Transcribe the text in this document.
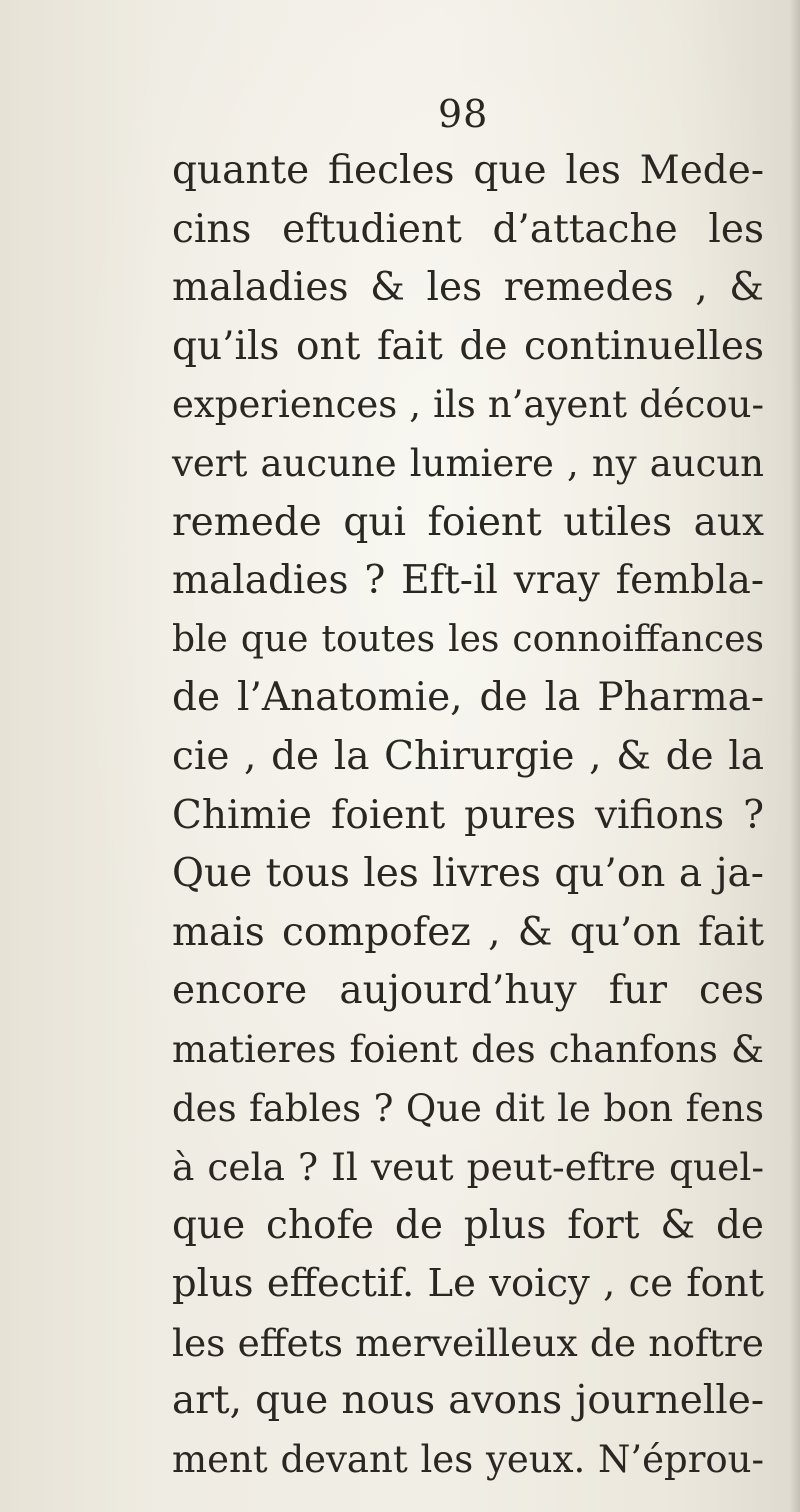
98
quante fiecles que les Mede-
cins eftudient d’attache les
maladies & les remedes , &
qu’ils ont fait de continuelles
experiences , ils n’ayent décou-
vert aucune lumiere , ny aucun
remede qui foient utiles aux
maladies ? Eft-il vray fembla-
ble que toutes les connoiffances
de l’Anatomie, de la Pharma-
cie , de la Chirurgie , & de la
Chimie foient pures vifions ?
Que tous les livres qu’on a ja-
mais compofez , & qu’on fait
encore aujourd’huy fur ces
matieres foient des chanfons &
des fables ? Que dit le bon fens
à cela ? Il veut peut-eftre quel-
que chofe de plus fort & de
plus effectif. Le voicy , ce font
les effets merveilleux de noftre
art, que nous avons journelle-
ment devant les yeux. N’éprou-
